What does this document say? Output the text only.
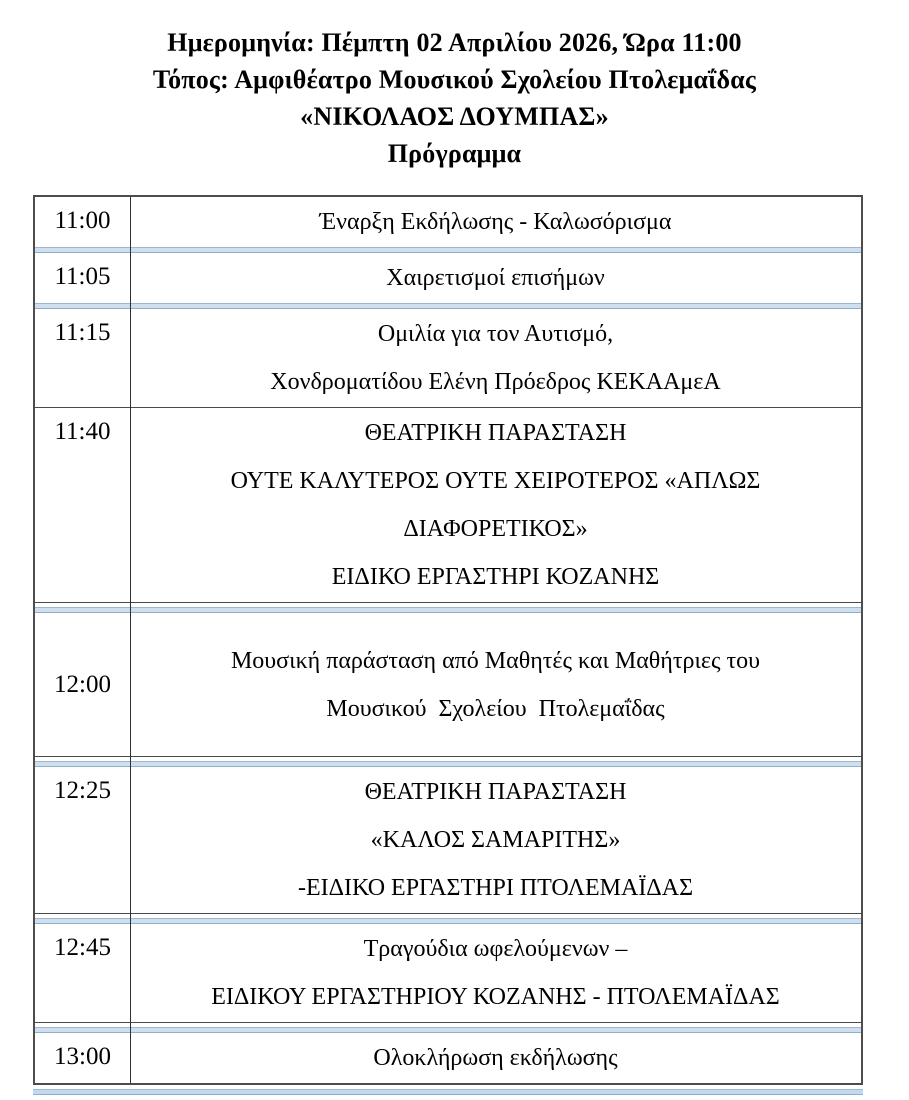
Ημερομηνία: Πέμπτη 02 Απριλίου 2026, Ώρα 11:00
Τόπος: Αμφιθέατρο Μουσικού Σχολείου Πτολεμαΐδας
«ΝΙΚΟΛΑΟΣ ΔΟΥΜΠΑΣ»
Πρόγραμμα
11:00	Έναρξη Εκδήλωσης - Καλωσόρισμα
11:05	Χαιρετισμοί επισήμων
11:15	Ομιλία για τον Αυτισμό,
Χονδροματίδου Ελένη Πρόεδρος ΚΕΚΑΑμεΑ
11:40	ΘΕΑΤΡΙΚΗ ΠΑΡΑΣΤΑΣΗ
ΟΥΤΕ ΚΑΛΥΤΕΡΟΣ ΟΥΤΕ ΧΕΙΡΟΤΕΡΟΣ «ΑΠΛΩΣ
ΔΙΑΦΟΡΕΤΙΚΟΣ»
ΕΙΔΙΚΟ ΕΡΓΑΣΤΗΡΙ ΚΟΖΑΝΗΣ
12:00
Μουσική παράσταση από Μαθητές και Μαθήτριες του
Μουσικού  Σχολείου  Πτολεμαΐδας
12:25	ΘΕΑΤΡΙΚΗ ΠΑΡΑΣΤΑΣΗ
«ΚΑΛΟΣ ΣΑΜΑΡΙΤΗΣ»
-ΕΙΔΙΚΟ ΕΡΓΑΣΤΗΡΙ ΠΤΟΛΕΜΑΪΔΑΣ
12:45	Τραγούδια ωφελούμενων –
ΕΙΔΙΚΟΥ ΕΡΓΑΣΤΗΡΙΟΥ ΚΟΖΑΝΗΣ - ΠΤΟΛΕΜΑΪΔΑΣ
13:00	Ολοκλήρωση εκδήλωσης
